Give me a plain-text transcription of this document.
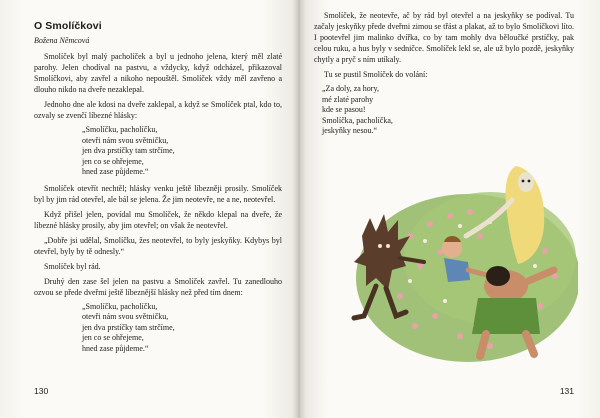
O Smolíčkovi
Božena Němcová

Smolíček byl malý pacholíček a byl u jednoho jelena, který měl zlaté parohy. Jelen chodíval na pastvu, a vždycky, když odcházel, přikazoval Smolíčkovi, aby zavřel a nikoho nepouštěl. Smolíček vždy měl zavřeno a dlouho nikdo na dveře nezaklepal.

Jednoho dne ale kdosi na dveře zaklepal, a když se Smolíček ptal, kdo to, ozvaly se zvenčí líbezné hlásky:

„Smolíčku, pacholíčku,
otevři nám svou světničku,
jen dva prstíčky tam strčíme,
jen co se ohřejeme,
hned zase půjdeme.“

Smolíček otevřít nechtěl; hlásky venku ještě líbezněji prosily. Smolíček byl by jim rád otevřel, ale bál se jelena. Že jim neotevře, ne a ne, neotevřel.

Když přišel jelen, povídal mu Smolíček, že někdo klepal na dveře, že líbezné hlásky prosily, aby jim otevřel; on však že neotevřel.

„Dobře jsi udělal, Smolíčku, žes neotevřel, to byly jeskyňky. Kdybys byl otevřel, byly by tě odnesly.“

Smolíček byl rád.

Druhý den zase šel jelen na pastvu a Smolíček zavřel. Tu zanedlouho ozvou se přede dveřmi ještě líbeznější hlásky než před tím dnem:

„Smolíčku, pacholíčku,
otevři nám svou světničku,
jen dva prstíčky tam strčíme,
jen co se ohřejeme,
hned zase půjdeme.“
130

Smolíček, že neotevře, ač by rád byl otevřel a na jeskyňky se podíval. Tu začaly jeskyňky přede dveřmi zimou se třást a plakat, až to bylo Smolíčkovi líto. I pootevřel jim malinko dvířka, co by tam mohly dva běloučké prstíčky, pak celou ruku, a hus byly v sedničce. Smolíček lekl se, ale už bylo pozdě, jeskyňky chytly a pryč s ním utíkaly.

Tu se pustil Smolíček do volání:

„Za doly, za hory,
mé zlaté parohy
kde se pasou!
Smolíčka, pacholíčka,
jeskyňky nesou.“
131
